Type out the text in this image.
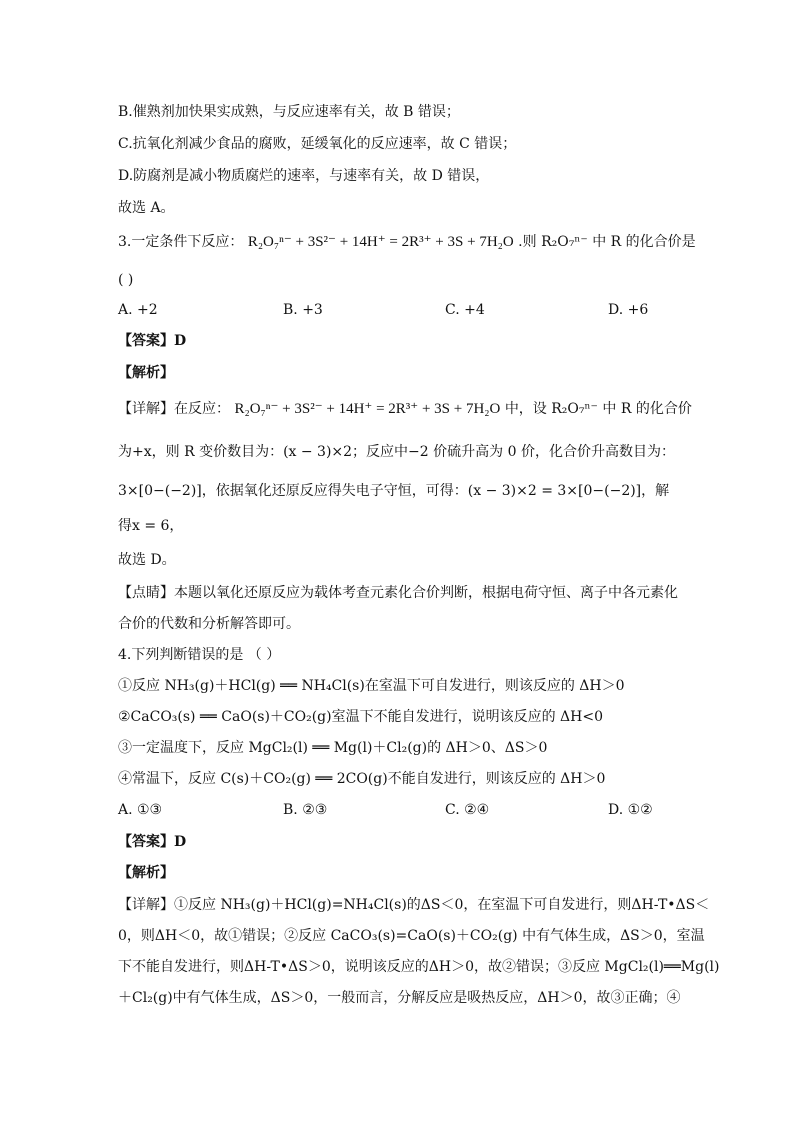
B.催熟剂加快果实成熟，与反应速率有关，故 B 错误；
C.抗氧化剂减少食品的腐败，延缓氧化的反应速率，故 C 错误；
D.防腐剂是减小物质腐烂的速率，与速率有关，故 D 错误，
故选 A。
3.一定条件下反应： R₂O₇ⁿ⁻ + 3S²⁻ + 14H⁺ = 2R³⁺ + 3S + 7H₂O .则 R₂O₇ⁿ⁻ 中 R 的化合价是
( )
A. +2	B. +3	C. +4	D. +6
【答案】D
【解析】
【详解】在反应： R₂O₇ⁿ⁻ + 3S²⁻ + 14H⁺ = 2R³⁺ + 3S + 7H₂O 中，设 R₂O₇ⁿ⁻ 中 R 的化合价
为+x，则 R 变价数目为：(x − 3)×2；反应中−2 价硫升高为 0 价，化合价升高数目为：
3×[0−(−2)]，依据氧化还原反应得失电子守恒，可得：(x − 3)×2 = 3×[0−(−2)]，解
得x = 6，
故选 D。
【点睛】本题以氧化还原反应为载体考查元素化合价判断，根据电荷守恒、离子中各元素化
合价的代数和分析解答即可。
4.下列判断错误的是 （ ）
①反应 NH₃(g)＋HCl(g) ══ NH₄Cl(s)在室温下可自发进行，则该反应的 ΔH＞0
②CaCO₃(s) ══ CaO(s)＋CO₂(g)室温下不能自发进行，说明该反应的 ΔH<0
③一定温度下，反应 MgCl₂(l) ══ Mg(l)＋Cl₂(g)的 ΔH＞0、ΔS＞0
④常温下，反应 C(s)＋CO₂(g) ══ 2CO(g)不能自发进行，则该反应的 ΔH＞0
A. ①③	B. ②③	C. ②④	D. ①②
【答案】D
【解析】
【详解】①反应 NH₃(g)＋HCl(g)=NH₄Cl(s)的ΔS＜0，在室温下可自发进行，则ΔH-T•ΔS＜
0，则ΔH＜0，故①错误；②反应 CaCO₃(s)=CaO(s)＋CO₂(g) 中有气体生成，ΔS＞0，室温
下不能自发进行，则ΔH-T•ΔS＞0，说明该反应的ΔH＞0，故②错误；③反应 MgCl₂(l)══Mg(l)
＋Cl₂(g)中有气体生成，ΔS＞0，一般而言，分解反应是吸热反应，ΔH＞0，故③正确；④
